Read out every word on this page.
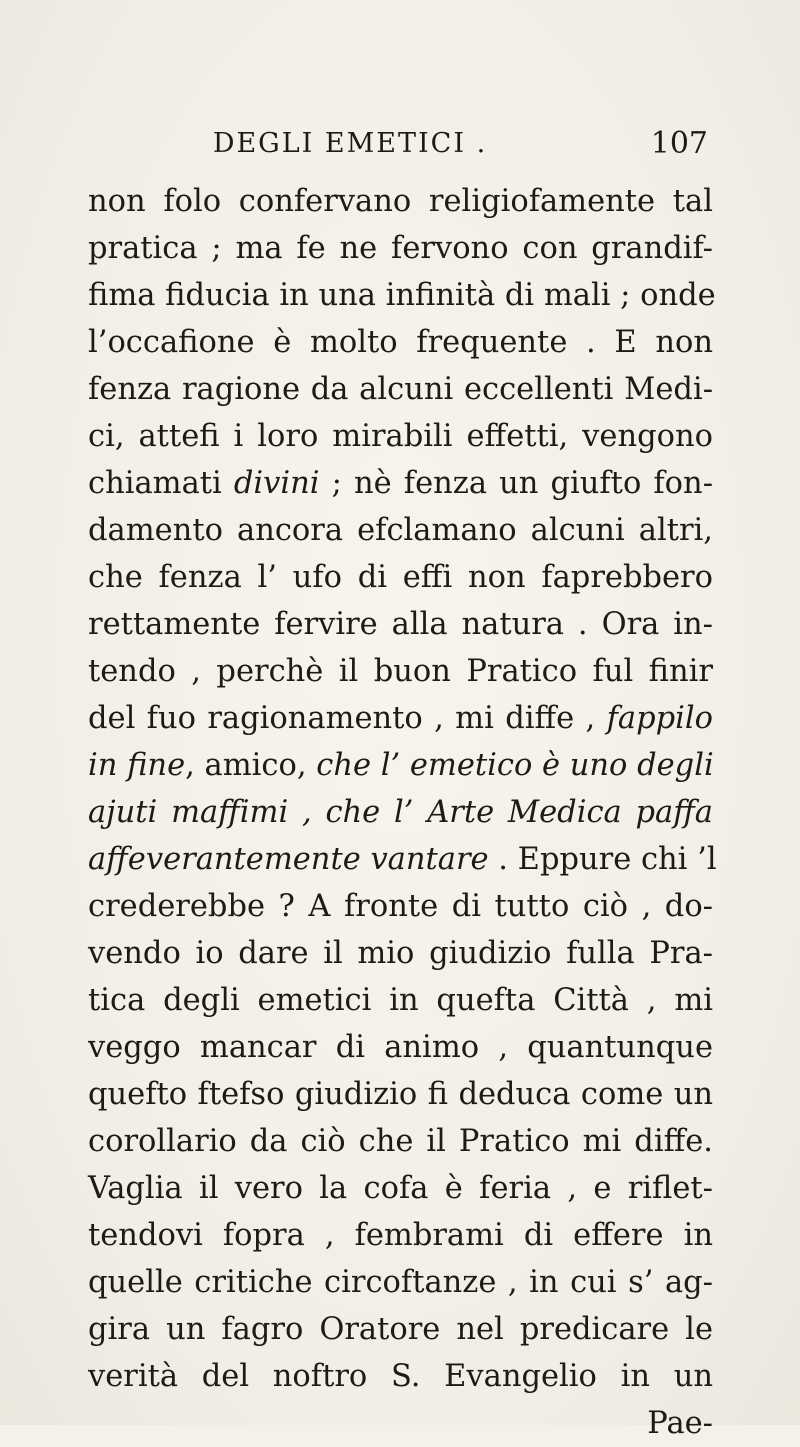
DEGLI EMETICI .	107
non folo confervano religiofamente tal
pratica ; ma fe ne fervono con grandif-
fima fiducia in una infinità di mali ; onde
l’occafione è molto frequente . E non
fenza ragione da alcuni eccellenti Medi-
ci, attefi i loro mirabili effetti, vengono
chiamati divini ; nè fenza un giufto fon-
damento ancora efclamano alcuni altri,
che fenza l’ ufo di effi non faprebbero
rettamente fervire alla natura . Ora in-
tendo , perchè il buon Pratico ful finir
del fuo ragionamento , mi diffe , fappilo
in fine, amico, che l’ emetico è uno degli
ajuti maffimi , che l’ Arte Medica paffa
affeverantemente vantare . Eppure chi ’l
crederebbe ? A fronte di tutto ciò , do-
vendo io dare il mio giudizio fulla Pra-
tica degli emetici in quefta Città , mi
veggo mancar di animo , quantunque
quefto ftefso giudizio fi deduca come un
corollario da ciò che il Pratico mi diffe.
Vaglia il vero la cofa è feria , e riflet-
tendovi fopra , fembrami di effere in
quelle critiche circoftanze , in cui s’ ag-
gira un fagro Oratore nel predicare le
verità del noftro S. Evangelio in un
Pae-
